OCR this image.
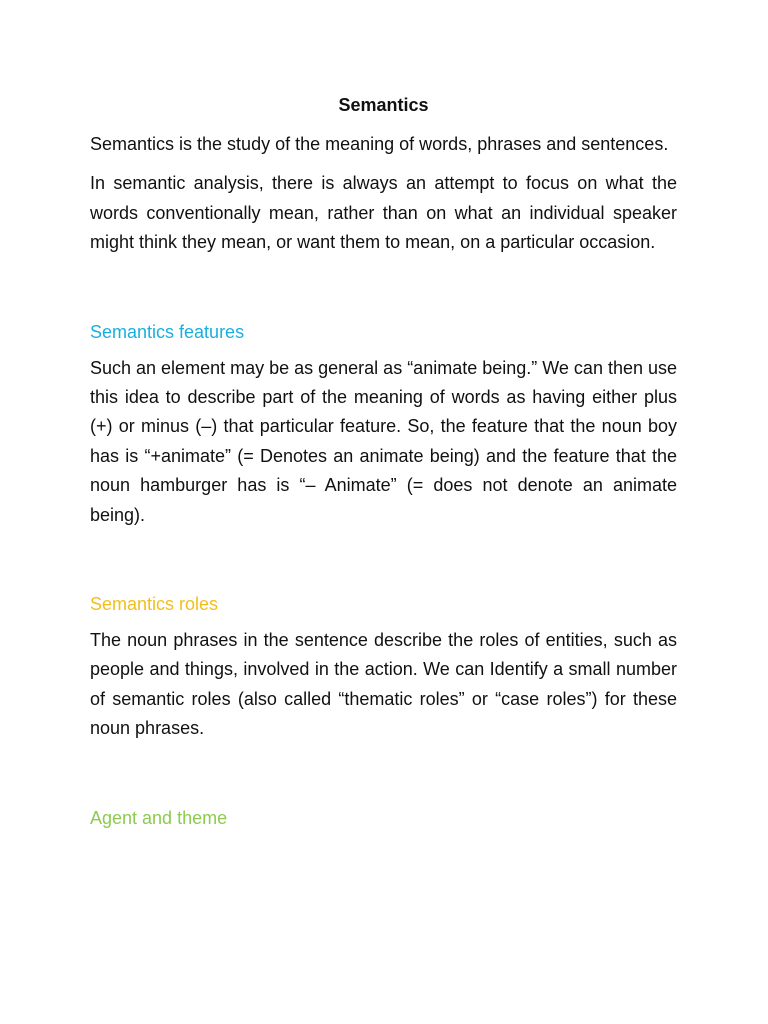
Semantics

Semantics is the study of the meaning of words, phrases and sentences.

In semantic analysis, there is always an attempt to focus on what the words conventionally mean, rather than on what an individual speaker might think they mean, or want them to mean, on a particular occasion.

Semantics features

Such an element may be as general as “animate being.” We can then use this idea to describe part of the meaning of words as having either plus (+) or minus (–) that particular feature. So, the feature that the noun boy has is “+animate” (= Denotes an animate being) and the feature that the noun hamburger has is “– Animate” (= does not denote an animate being).

Semantics roles

The noun phrases in the sentence describe the roles of entities, such as people and things, involved in the action. We can Identify a small number of semantic roles (also called “thematic roles” or “case roles”) for these noun phrases.

Agent and theme
